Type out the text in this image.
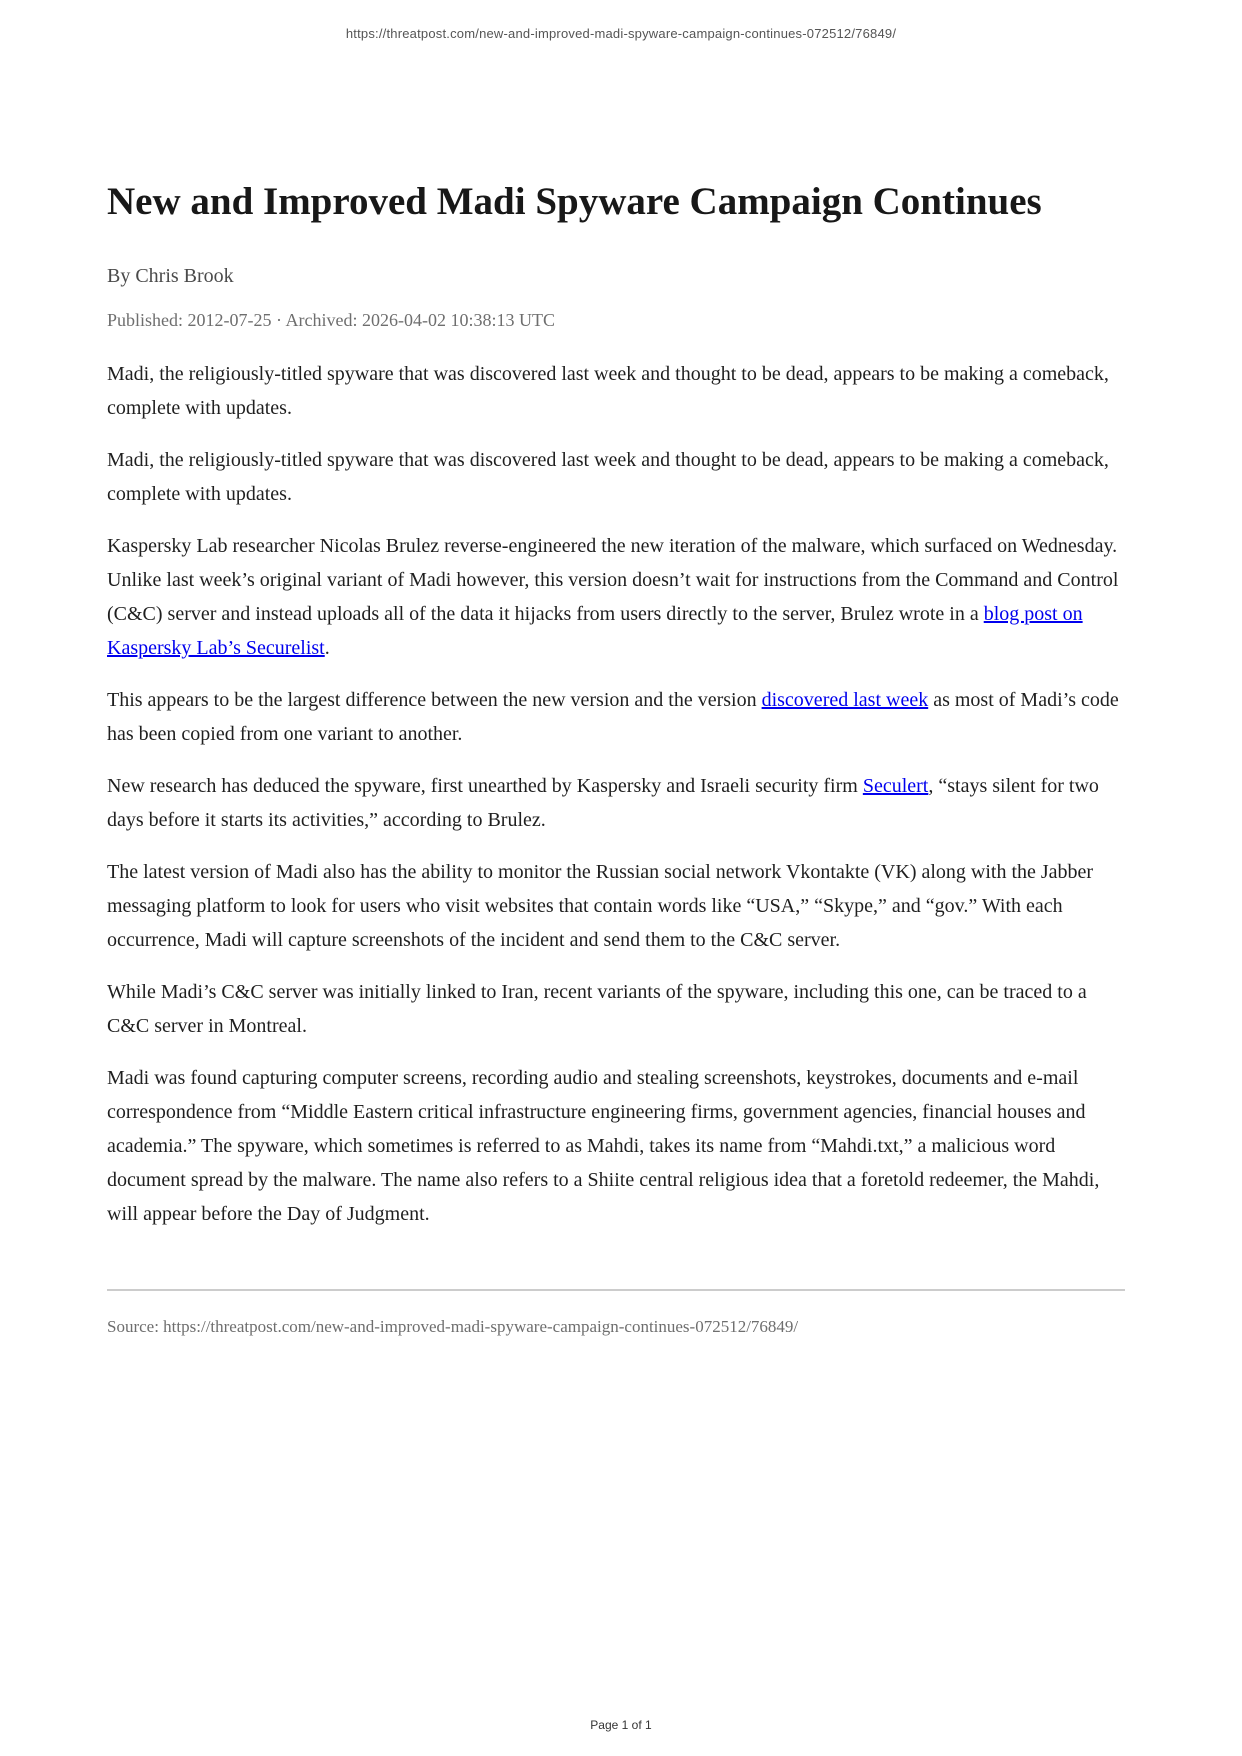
https://threatpost.com/new-and-improved-madi-spyware-campaign-continues-072512/76849/
New and Improved Madi Spyware Campaign Continues
By Chris Brook
Published: 2012-07-25 · Archived: 2026-04-02 10:38:13 UTC

Madi, the religiously-titled spyware that was discovered last week and thought to be dead, appears to be making a comeback, complete with updates.

Madi, the religiously-titled spyware that was discovered last week and thought to be dead, appears to be making a comeback, complete with updates.

Kaspersky Lab researcher Nicolas Brulez reverse-engineered the new iteration of the malware, which surfaced on Wednesday. Unlike last week’s original variant of Madi however, this version doesn’t wait for instructions from the Command and Control (C&C) server and instead uploads all of the data it hijacks from users directly to the server, Brulez wrote in a blog post on Kaspersky Lab’s Securelist.

This appears to be the largest difference between the new version and the version discovered last week as most of Madi’s code has been copied from one variant to another.

New research has deduced the spyware, first unearthed by Kaspersky and Israeli security firm Seculert, “stays silent for two days before it starts its activities,” according to Brulez.

The latest version of Madi also has the ability to monitor the Russian social network Vkontakte (VK) along with the Jabber messaging platform to look for users who visit websites that contain words like “USA,” “Skype,” and “gov.” With each occurrence, Madi will capture screenshots of the incident and send them to the C&C server.

While Madi’s C&C server was initially linked to Iran, recent variants of the spyware, including this one, can be traced to a C&C server in Montreal.

Madi was found capturing computer screens, recording audio and stealing screenshots, keystrokes, documents and e-mail correspondence from “Middle Eastern critical infrastructure engineering firms, government agencies, financial houses and academia.” The spyware, which sometimes is referred to as Mahdi, takes its name from “Mahdi.txt,” a malicious word document spread by the malware. The name also refers to a Shiite central religious idea that a foretold redeemer, the Mahdi, will appear before the Day of Judgment.

Source: https://threatpost.com/new-and-improved-madi-spyware-campaign-continues-072512/76849/
Page 1 of 1
